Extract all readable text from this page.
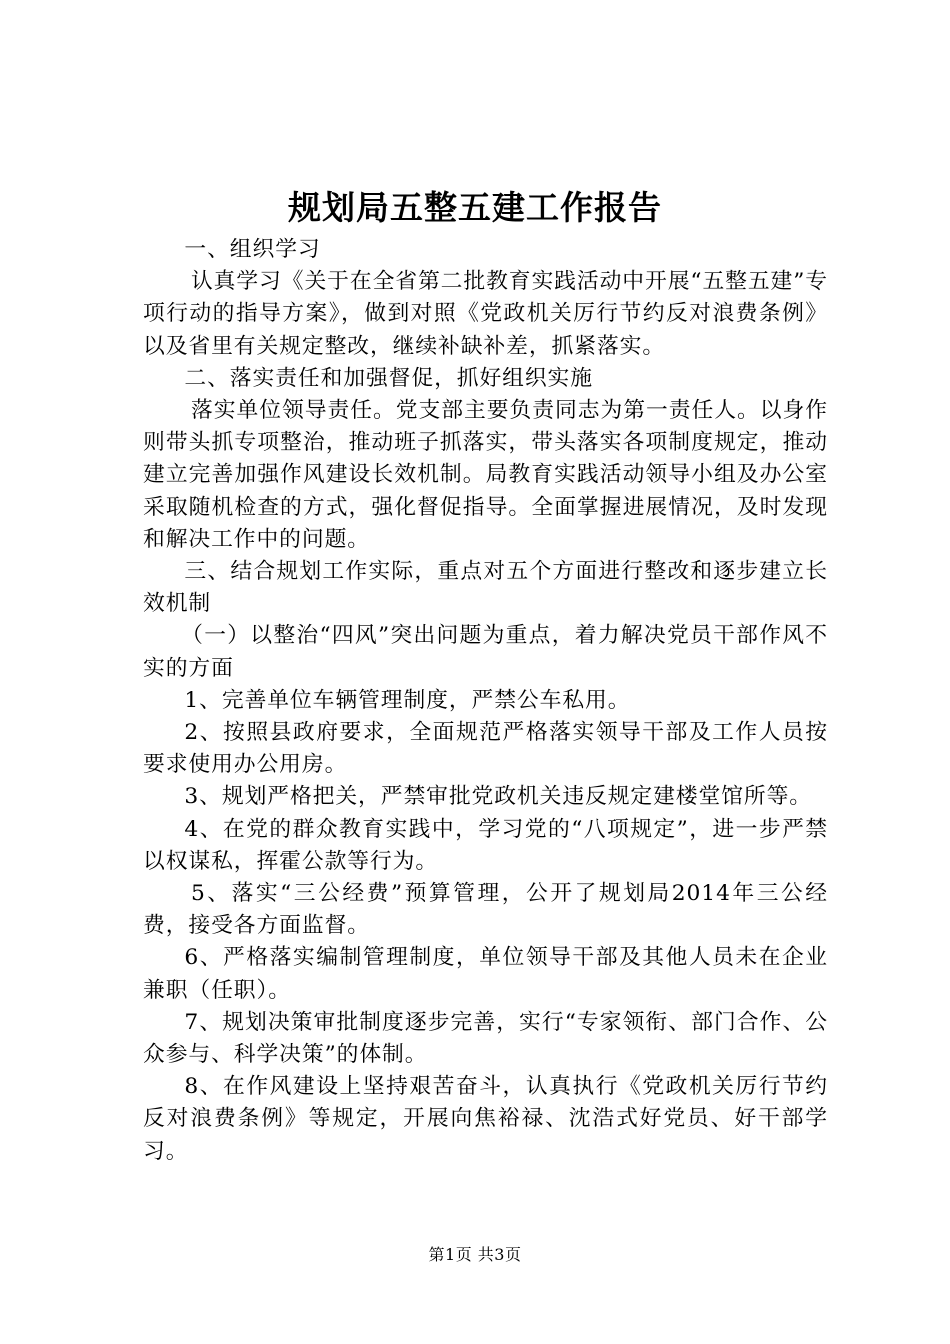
规划局五整五建工作报告

一、组织学习

认真学习《关于在全省第二批教育实践活动中开展“五整五建”专项行动的指导方案》，做到对照《党政机关厉行节约反对浪费条例》以及省里有关规定整改，继续补缺补差，抓紧落实。

二、落实责任和加强督促，抓好组织实施

落实单位领导责任。党支部主要负责同志为第一责任人。以身作则带头抓专项整治，推动班子抓落实，带头落实各项制度规定，推动建立完善加强作风建设长效机制。局教育实践活动领导小组及办公室采取随机检查的方式，强化督促指导。全面掌握进展情况，及时发现和解决工作中的问题。

三、结合规划工作实际，重点对五个方面进行整改和逐步建立长效机制

（一）以整治“四风”突出问题为重点，着力解决党员干部作风不实的方面

1、完善单位车辆管理制度，严禁公车私用。

2、按照县政府要求，全面规范严格落实领导干部及工作人员按要求使用办公用房。

3、规划严格把关，严禁审批党政机关违反规定建楼堂馆所等。

4、在党的群众教育实践中，学习党的“八项规定”，进一步严禁以权谋私，挥霍公款等行为。

5、落实“三公经费”预算管理，公开了规划局2014年三公经费，接受各方面监督。

6、严格落实编制管理制度，单位领导干部及其他人员未在企业兼职（任职）。

7、规划决策审批制度逐步完善，实行“专家领衔、部门合作、公众参与、科学决策”的体制。

8、在作风建设上坚持艰苦奋斗，认真执行《党政机关厉行节约反对浪费条例》等规定，开展向焦裕禄、沈浩式好党员、好干部学习。

第1页 共3页
